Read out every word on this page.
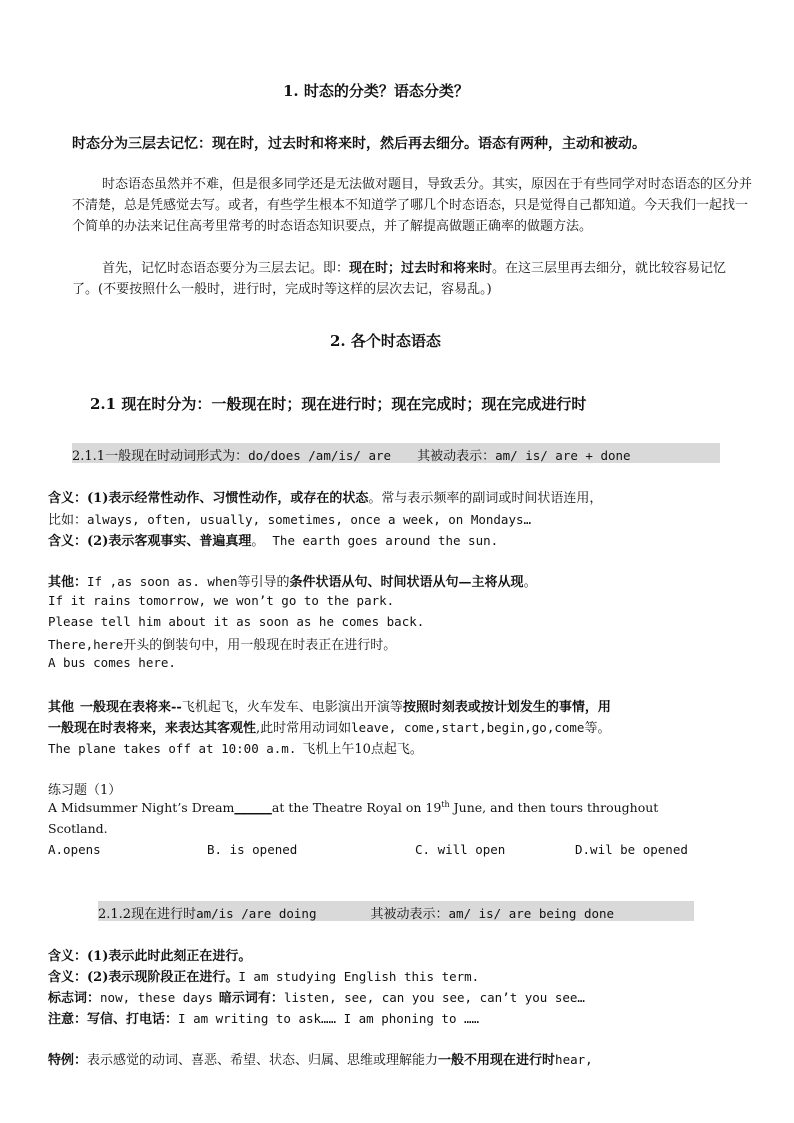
1. 时态的分类？语态分类？
时态分为三层去记忆：现在时，过去时和将来时，然后再去细分。语态有两种，主动和被动。
时态语态虽然并不难，但是很多同学还是无法做对题目，导致丢分。其实，原因在于有些同学对时态语态的区分并不清楚，总是凭感觉去写。或者，有些学生根本不知道学了哪几个时态语态，只是觉得自己都知道。今天我们一起找一个简单的办法来记住高考里常考的时态语态知识要点，并了解提高做题正确率的做题方法。
首先，记忆时态语态要分为三层去记。即：现在时；过去时和将来时。在这三层里再去细分，就比较容易记忆了。(不要按照什么一般时，进行时，完成时等这样的层次去记，容易乱。)
2. 各个时态语态
2.1 现在时分为：一般现在时；现在进行时；现在完成时；现在完成进行时
2.1.1一般现在时动词形式为：do/does /am/is/ are 其被动表示：am/ is/ are + done
含义：(1)表示经常性动作、习惯性动作，或存在的状态。常与表示频率的副词或时间状语连用，
比如：always, often, usually, sometimes, once a week, on Mondays…
含义：(2)表示客观事实、普遍真理。 The earth goes around the sun.
其他：If ,as soon as. when等引导的条件状语从句、时间状语从句—主将从现。
If it rains tomorrow, we won’t go to the park.
Please tell him about it as soon as he comes back.
There,here开头的倒装句中，用一般现在时表正在进行时。
A bus comes here.
其他 一般现在表将来--飞机起飞，火车发车、电影演出开演等按照时刻表或按计划发生的事情，用
一般现在时表将来，来表达其客观性,此时常用动词如leave, come,start,begin,go,come等。
The plane takes off at 10:00 a.m. 飞机上午10点起飞。
练习题（1）
A Midsummer Night’s Dream______at the Theatre Royal on 19th June, and then tours throughout
Scotland.
A.opens	B. is opened	C. will open	D.wil be opened
2.1.2现在进行时am/is /are doing	其被动表示：am/ is/ are being done
含义：(1)表示此时此刻正在进行。
含义：(2)表示现阶段正在进行。I am studying English this term.
标志词：now, these days 暗示词有：listen, see, can you see, can’t you see…
注意：写信、打电话：I am writing to ask…… I am phoning to ……
特例：表示感觉的动词、喜恶、希望、状态、归属、思维或理解能力一般不用现在进行时hear,
